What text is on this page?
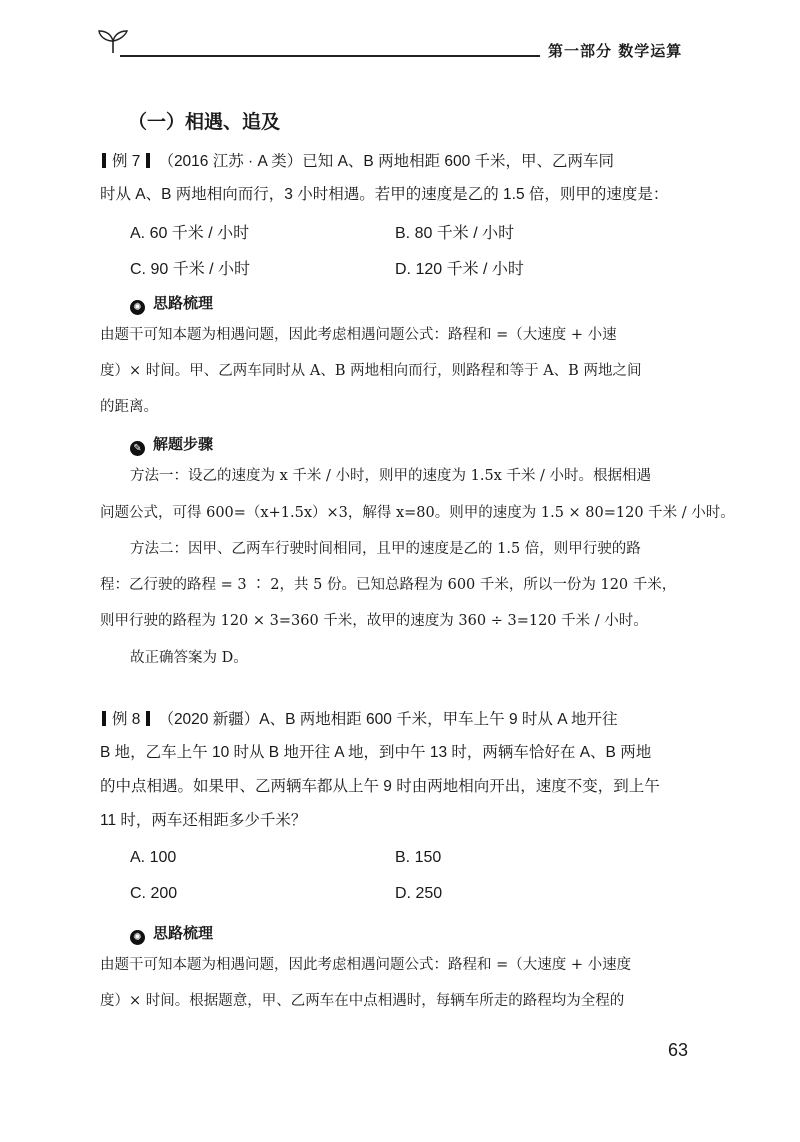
第一部分 数学运算
（一）相遇、追及
例 7 （2016 江苏 · A 类）已知 A、B 两地相距 600 千米，甲、乙两车同
时从 A、B 两地相向而行，3 小时相遇。若甲的速度是乙的 1.5 倍，则甲的速度是：
A. 60 千米 / 小时	B. 80 千米 / 小时
C. 90 千米 / 小时	D. 120 千米 / 小时
✺ 思路梳理
由题干可知本题为相遇问题，因此考虑相遇问题公式：路程和 =（大速度 + 小速
度）× 时间。甲、乙两车同时从 A、B 两地相向而行，则路程和等于 A、B 两地之间
的距离。
✎ 解题步骤
方法一：设乙的速度为 x 千米 / 小时，则甲的速度为 1.5x 千米 / 小时。根据相遇
问题公式，可得 600=（x+1.5x）×3，解得 x=80。则甲的速度为 1.5 × 80=120 千米 / 小时。
方法二：因甲、乙两车行驶时间相同，且甲的速度是乙的 1.5 倍，则甲行驶的路
程：乙行驶的路程 = 3 ∶ 2，共 5 份。已知总路程为 600 千米，所以一份为 120 千米，
则甲行驶的路程为 120 × 3=360 千米，故甲的速度为 360 ÷ 3=120 千米 / 小时。
故正确答案为 D。
例 8 （2020 新疆）A、B 两地相距 600 千米，甲车上午 9 时从 A 地开往
B 地，乙车上午 10 时从 B 地开往 A 地，到中午 13 时，两辆车恰好在 A、B 两地
的中点相遇。如果甲、乙两辆车都从上午 9 时由两地相向开出，速度不变，到上午
11 时，两车还相距多少千米？
A. 100	B. 150
C. 200	D. 250
✺ 思路梳理
由题干可知本题为相遇问题，因此考虑相遇问题公式：路程和 =（大速度 + 小速度
度）× 时间。根据题意，甲、乙两车在中点相遇时，每辆车所走的路程均为全程的
63
